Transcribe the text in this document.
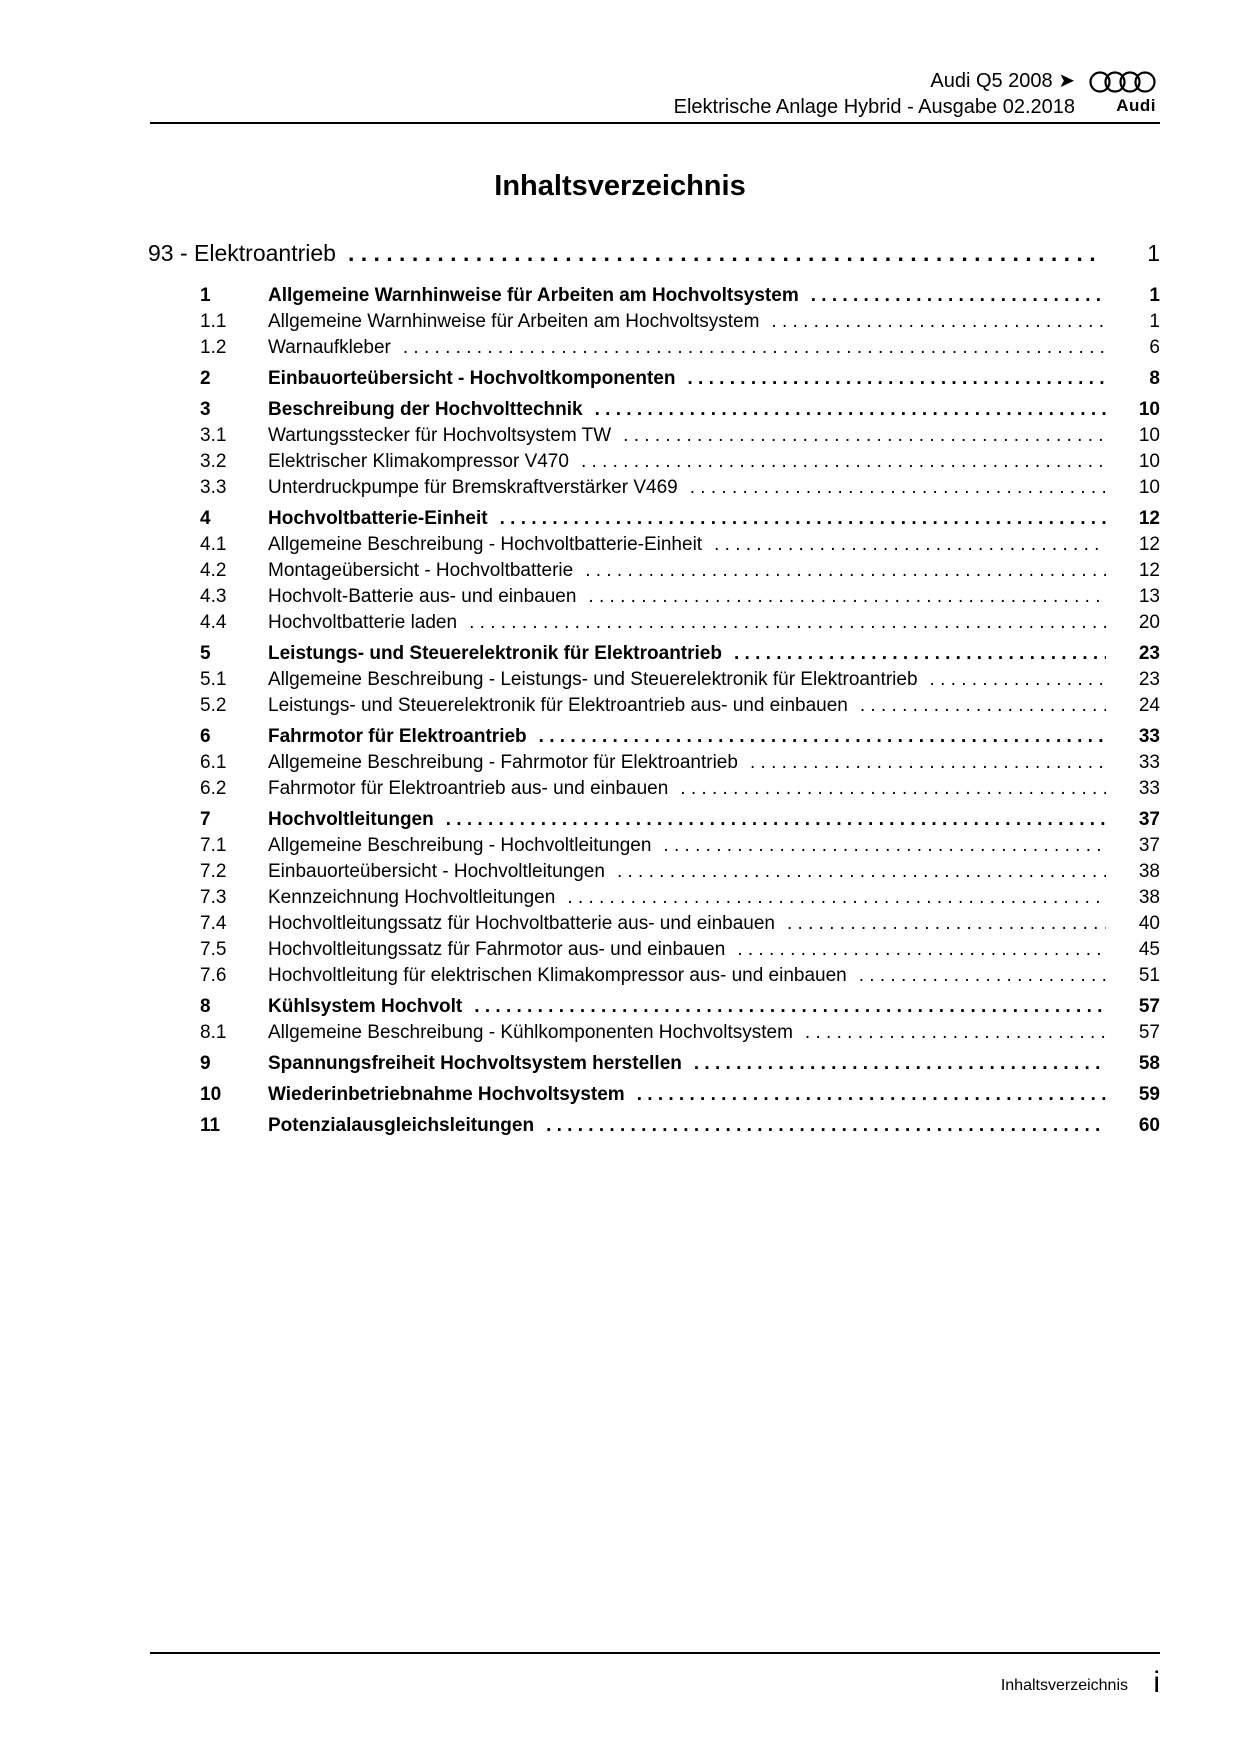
Audi Q5 2008 ➤
Elektrische Anlage Hybrid - Ausgabe 02.2018 Audi
Inhaltsverzeichnis
93 - Elektroantrieb . . .	1
1	Allgemeine Warnhinweise für Arbeiten am Hochvoltsystem . . .	1
1.1	Allgemeine Warnhinweise für Arbeiten am Hochvoltsystem . . .	1
1.2	Warnaufkleber . . .	6
2	Einbauorteübersicht - Hochvoltkomponenten . . .	8
3	Beschreibung der Hochvolttechnik . . .	10
3.1	Wartungsstecker für Hochvoltsystem TW . . .	10
3.2	Elektrischer Klimakompressor V470 . . .	10
3.3	Unterdruckpumpe für Bremskraftverstärker V469 . . .	10
4	Hochvoltbatterie-Einheit . . .	12
4.1	Allgemeine Beschreibung - Hochvoltbatterie-Einheit . . .	12
4.2	Montageübersicht - Hochvoltbatterie . . .	12
4.3	Hochvolt-Batterie aus- und einbauen . . .	13
4.4	Hochvoltbatterie laden . . .	20
5	Leistungs- und Steuerelektronik für Elektroantrieb . . .	23
5.1	Allgemeine Beschreibung - Leistungs- und Steuerelektronik für Elektroantrieb . . .	23
5.2	Leistungs- und Steuerelektronik für Elektroantrieb aus- und einbauen . . .	24
6	Fahrmotor für Elektroantrieb . . .	33
6.1	Allgemeine Beschreibung - Fahrmotor für Elektroantrieb . . .	33
6.2	Fahrmotor für Elektroantrieb aus- und einbauen . . .	33
7	Hochvoltleitungen . . .	37
7.1	Allgemeine Beschreibung - Hochvoltleitungen . . .	37
7.2	Einbauorteübersicht - Hochvoltleitungen . . .	38
7.3	Kennzeichnung Hochvoltleitungen . . .	38
7.4	Hochvoltleitungssatz für Hochvoltbatterie aus- und einbauen . . .	40
7.5	Hochvoltleitungssatz für Fahrmotor aus- und einbauen . . .	45
7.6	Hochvoltleitung für elektrischen Klimakompressor aus- und einbauen . . .	51
8	Kühlsystem Hochvolt . . .	57
8.1	Allgemeine Beschreibung - Kühlkomponenten Hochvoltsystem . . .	57
9	Spannungsfreiheit Hochvoltsystem herstellen . . .	58
10	Wiederinbetriebnahme Hochvoltsystem . . .	59
11	Potenzialausgleichsleitungen . . .	60
Inhaltsverzeichnis i
